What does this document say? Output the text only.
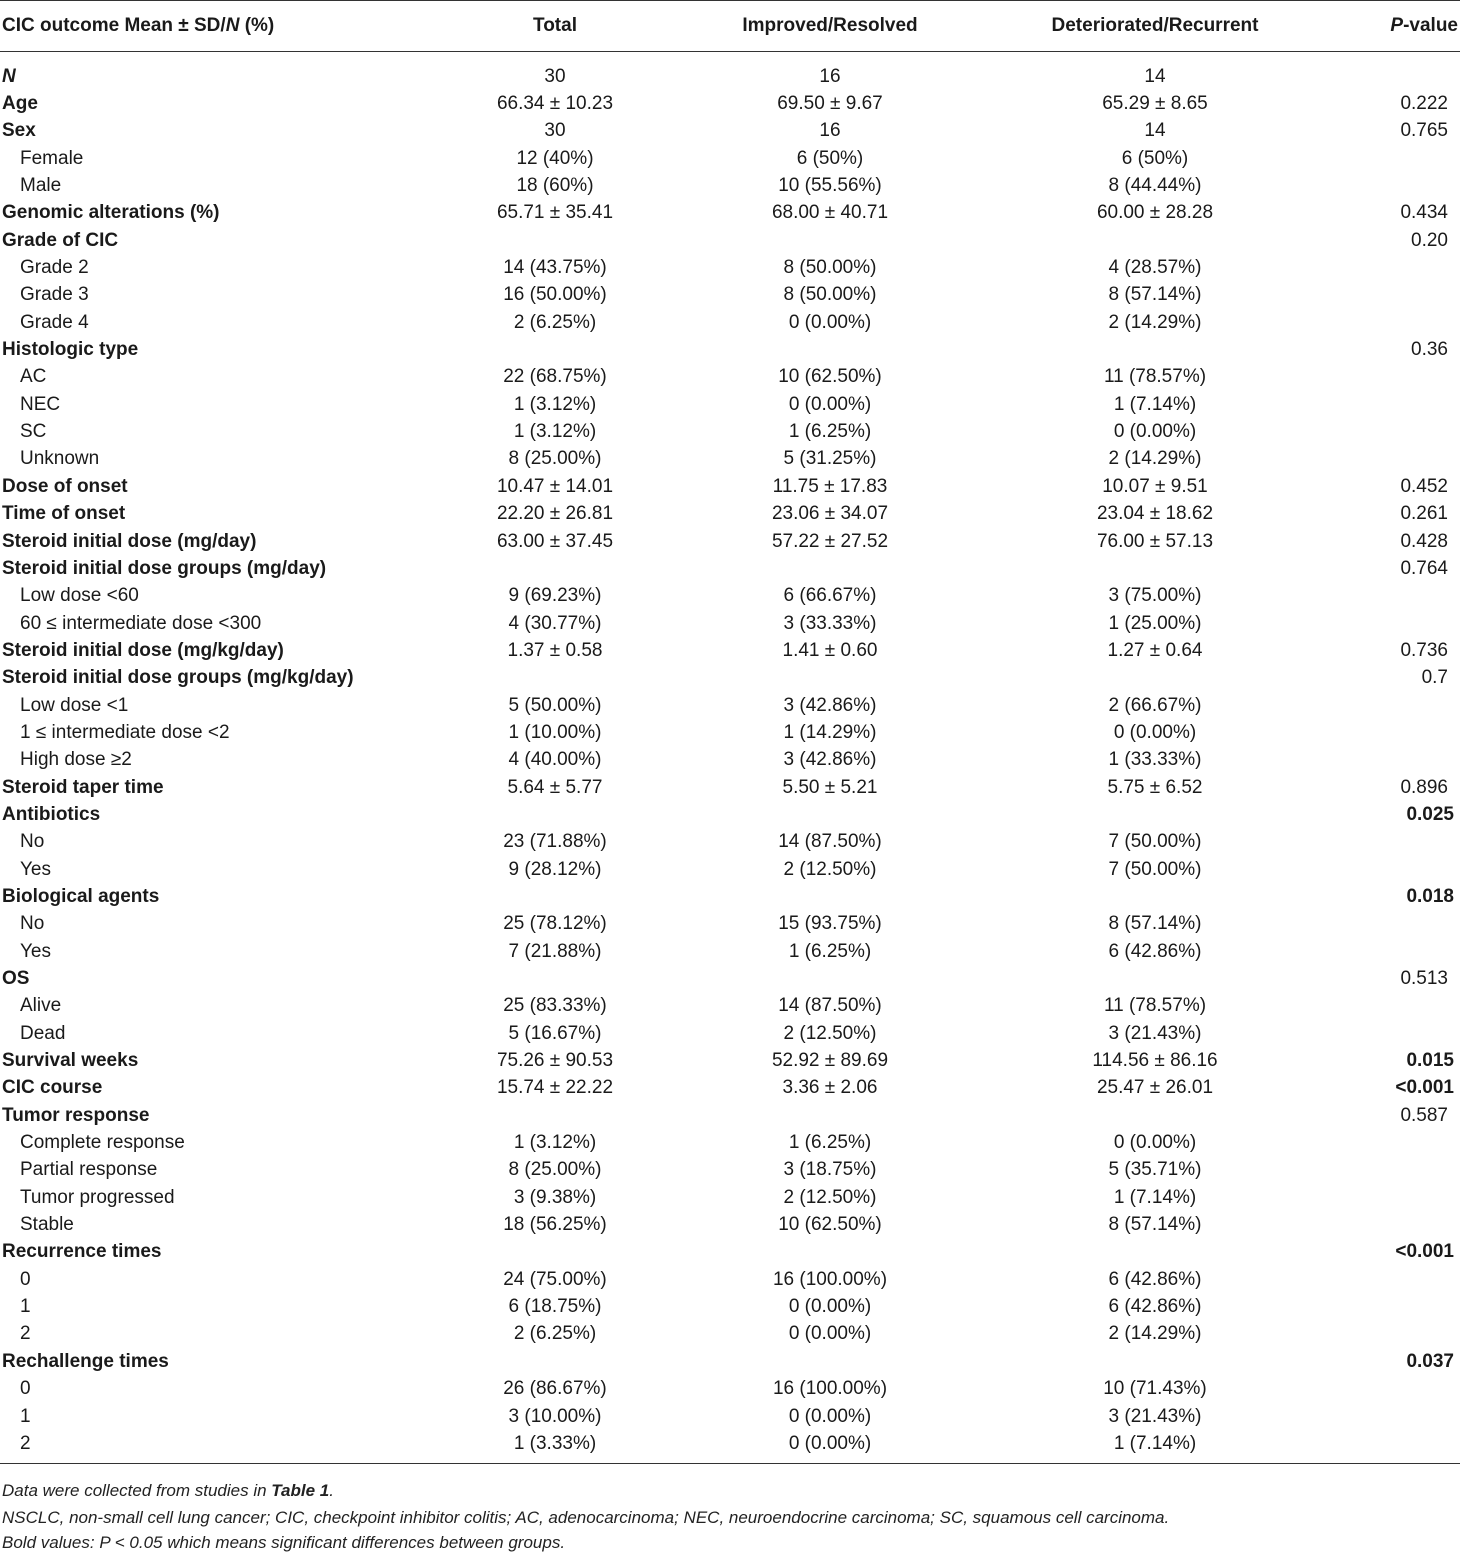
CIC outcome Mean ± SD/N (%)	Total	Improved/Resolved	Deteriorated/Recurrent	P-value

N	30	16	14	
Age	66.34 ± 10.23	69.50 ± 9.67	65.29 ± 8.65	0.222
Sex	30	16	14	0.765
Female	12 (40%)	6 (50%)	6 (50%)	
Male	18 (60%)	10 (55.56%)	8 (44.44%)	
Genomic alterations (%)	65.71 ± 35.41	68.00 ± 40.71	60.00 ± 28.28	0.434
Grade of CIC				0.20
Grade 2	14 (43.75%)	8 (50.00%)	4 (28.57%)	
Grade 3	16 (50.00%)	8 (50.00%)	8 (57.14%)	
Grade 4	2 (6.25%)	0 (0.00%)	2 (14.29%)	
Histologic type				0.36
AC	22 (68.75%)	10 (62.50%)	11 (78.57%)	
NEC	1 (3.12%)	0 (0.00%)	1 (7.14%)	
SC	1 (3.12%)	1 (6.25%)	0 (0.00%)	
Unknown	8 (25.00%)	5 (31.25%)	2 (14.29%)	
Dose of onset	10.47 ± 14.01	11.75 ± 17.83	10.07 ± 9.51	0.452
Time of onset	22.20 ± 26.81	23.06 ± 34.07	23.04 ± 18.62	0.261
Steroid initial dose (mg/day)	63.00 ± 37.45	57.22 ± 27.52	76.00 ± 57.13	0.428
Steroid initial dose groups (mg/day)				0.764
Low dose <60	9 (69.23%)	6 (66.67%)	3 (75.00%)	
60 ≤ intermediate dose <300	4 (30.77%)	3 (33.33%)	1 (25.00%)	
Steroid initial dose (mg/kg/day)	1.37 ± 0.58	1.41 ± 0.60	1.27 ± 0.64	0.736
Steroid initial dose groups (mg/kg/day)				0.7
Low dose <1	5 (50.00%)	3 (42.86%)	2 (66.67%)	
1 ≤ intermediate dose <2	1 (10.00%)	1 (14.29%)	0 (0.00%)	
High dose ≥2	4 (40.00%)	3 (42.86%)	1 (33.33%)	
Steroid taper time	5.64 ± 5.77	5.50 ± 5.21	5.75 ± 6.52	0.896
Antibiotics				0.025
No	23 (71.88%)	14 (87.50%)	7 (50.00%)	
Yes	9 (28.12%)	2 (12.50%)	7 (50.00%)	
Biological agents				0.018
No	25 (78.12%)	15 (93.75%)	8 (57.14%)	
Yes	7 (21.88%)	1 (6.25%)	6 (42.86%)	
OS				0.513
Alive	25 (83.33%)	14 (87.50%)	11 (78.57%)	
Dead	5 (16.67%)	2 (12.50%)	3 (21.43%)	
Survival weeks	75.26 ± 90.53	52.92 ± 89.69	114.56 ± 86.16	0.015
CIC course	15.74 ± 22.22	3.36 ± 2.06	25.47 ± 26.01	<0.001
Tumor response				0.587
Complete response	1 (3.12%)	1 (6.25%)	0 (0.00%)	
Partial response	8 (25.00%)	3 (18.75%)	5 (35.71%)	
Tumor progressed	3 (9.38%)	2 (12.50%)	1 (7.14%)	
Stable	18 (56.25%)	10 (62.50%)	8 (57.14%)	
Recurrence times				<0.001
0	24 (75.00%)	16 (100.00%)	6 (42.86%)	
1	6 (18.75%)	0 (0.00%)	6 (42.86%)	
2	2 (6.25%)	0 (0.00%)	2 (14.29%)	
Rechallenge times				0.037
0	26 (86.67%)	16 (100.00%)	10 (71.43%)	
1	3 (10.00%)	0 (0.00%)	3 (21.43%)	
2	1 (3.33%)	0 (0.00%)	1 (7.14%)	
Data were collected from studies in Table 1.
NSCLC, non-small cell lung cancer; CIC, checkpoint inhibitor colitis; AC, adenocarcinoma; NEC, neuroendocrine carcinoma; SC, squamous cell carcinoma.
Bold values: P < 0.05 which means significant differences between groups.
